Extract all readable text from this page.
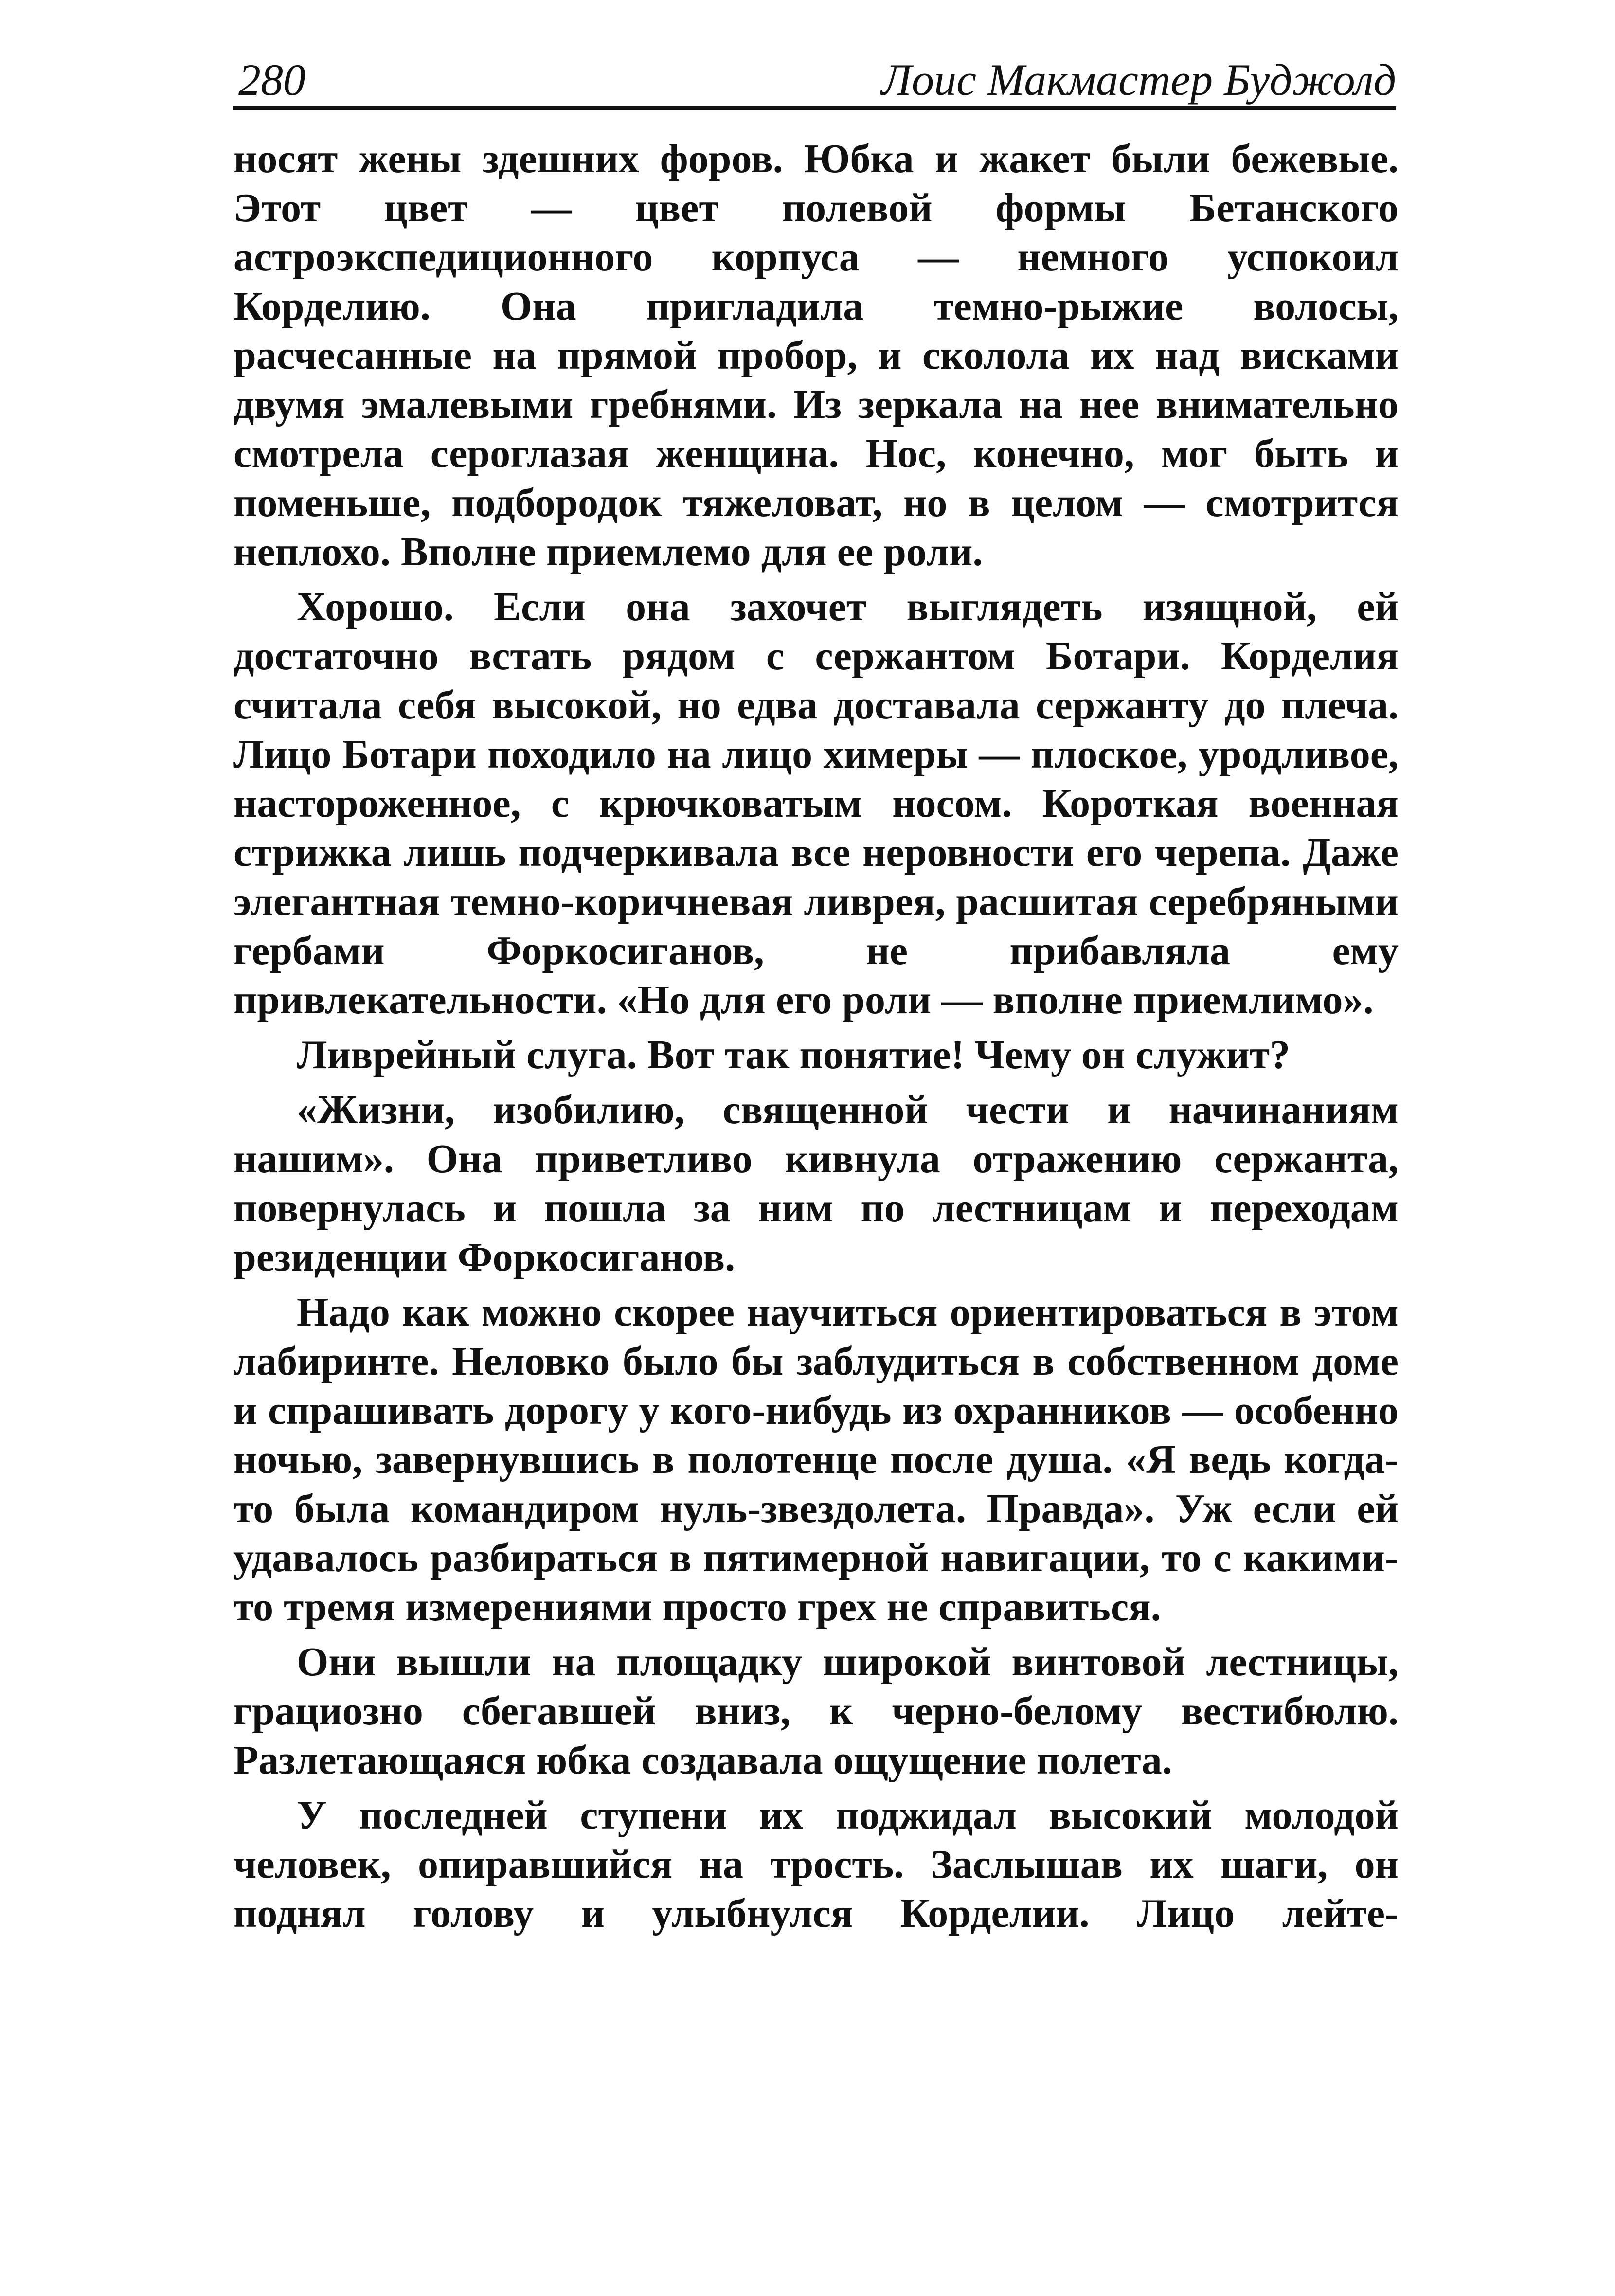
280	Лоис Макмастер Буджолд

носят жены здешних форов. Юбка и жакет были бежевые. Этот цвет — цвет полевой формы Бетанского астроэкспедиционного корпуса — немного успокоил Корделию. Она пригладила темно-рыжие волосы, расчесанные на прямой пробор, и сколола их над висками двумя эмалевыми гребнями. Из зеркала на нее внимательно смотрела сероглазая женщина. Нос, конечно, мог быть и поменьше, подбородок тяжеловат, но в целом — смотрится неплохо. Вполне приемлемо для ее роли.

Хорошо. Если она захочет выглядеть изящной, ей достаточно встать рядом с сержантом Ботари. Корделия считала себя высокой, но едва доставала сержанту до плеча. Лицо Ботари походило на лицо химеры — плоское, уродливое, настороженное, с крючковатым носом. Короткая военная стрижка лишь подчеркивала все неровности его черепа. Даже элегантная темно-коричневая ливрея, расшитая серебряными гербами Форкосиганов, не прибавляла ему привлекательности. «Но для его роли — вполне приемлимо».

Ливрейный слуга. Вот так понятие! Чему он служит?

«Жизни, изобилию, священной чести и начинаниям нашим». Она приветливо кивнула отражению сержанта, повернулась и пошла за ним по лестницам и переходам резиденции Форкосиганов.

Надо как можно скорее научиться ориентироваться в этом лабиринте. Неловко было бы заблудиться в собственном доме и спрашивать дорогу у кого-нибудь из охранников — особенно ночью, завернувшись в полотенце после душа. «Я ведь когда-то была командиром нуль-звездолета. Правда». Уж если ей удавалось разбираться в пятимерной навигации, то с какими-то тремя измерениями просто грех не справиться.

Они вышли на площадку широкой винтовой лестницы, грациозно сбегавшей вниз, к черно-белому вестибюлю. Разлетающаяся юбка создавала ощущение полета.

У последней ступени их поджидал высокий молодой человек, опиравшийся на трость. Заслышав их шаги, он поднял голову и улыбнулся Корделии. Лицо лейте-
